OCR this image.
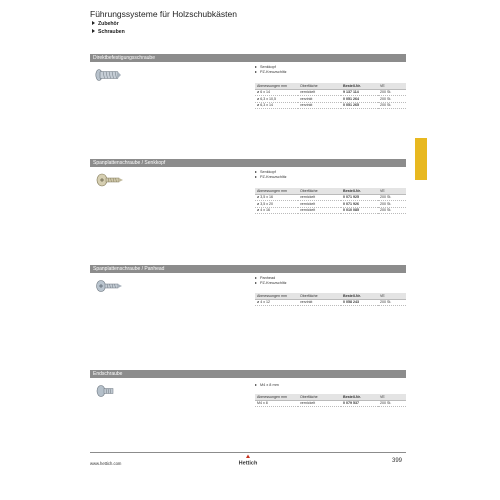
Führungssysteme für Holzschubkästen
Zubehör
Schrauben
Direktbefestigungsschraube
Senkkopf
PZ-Kreuzschlitz
Abmessungen mm	Oberfläche	Bestell-Nr.	VE
ø 6 x 14	vernickelt	9 137 114	200 St.
ø 6,3 x 10,5	verzinkt	0 051 264	200 St.
ø 6,3 x 14	verzinkt	0 051 265	200 St.
Spanplattenschraube / Senkkopf
Senkkopf
PZ-Kreuzschlitz
Abmessungen mm	Oberfläche	Bestell-Nr.	VE
ø 3,5 x 16	vernickelt	0 071 925	200 St.
ø 3,5 x 20	vernickelt	0 071 926	200 St.
ø 4 x 16	vernickelt	0 010 085	200 St.
Spanplattenschraube / Panhead
Panhead
PZ-Kreuzschlitz
Abmessungen mm	Oberfläche	Bestell-Nr.	VE
ø 4 x 12	verzinkt	0 058 243	200 St.
Endschraube
M4 x 8 mm
Abmessungen mm	Oberfläche	Bestell-Nr.	VE
M4 x 8	vernickelt	0 079 537	200 St.
www.hettich.com	Hettich	399
